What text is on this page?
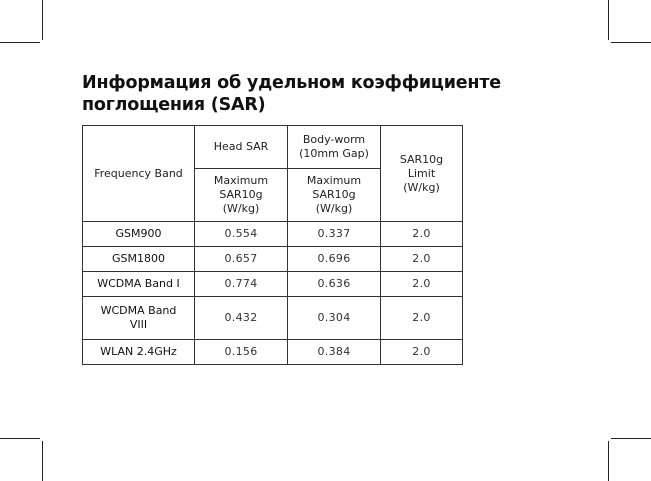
Информация об удельном коэффициенте поглощения (SAR)
Frequency Band	Head SAR	Body-worm (10mm Gap)	SAR10g Limit (W/kg)
	Maximum SAR10g (W/kg)	Maximum SAR10g (W/kg)	
GSM900	0.554	0.337	2.0
GSM1800	0.657	0.696	2.0
WCDMA Band I	0.774	0.636	2.0
WCDMA Band VIII	0.432	0.304	2.0
WLAN 2.4GHz	0.156	0.384	2.0
